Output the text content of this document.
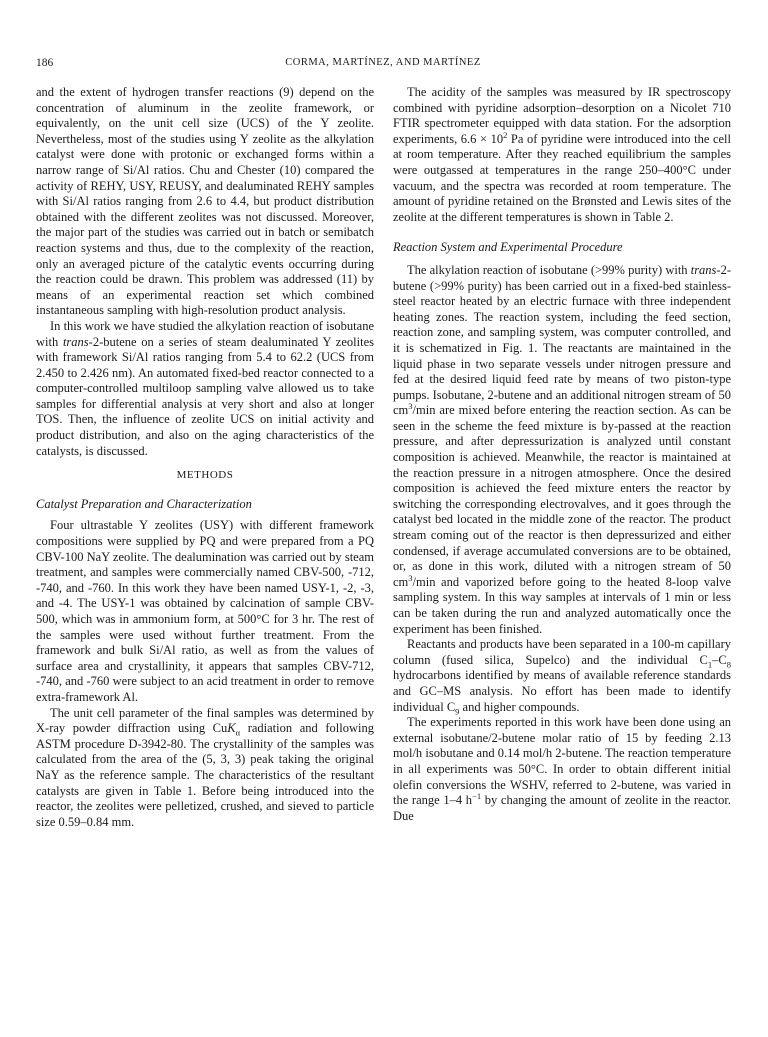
186	CORMA, MARTÍNEZ, AND MARTÍNEZ

and the extent of hydrogen transfer reactions (9) depend on the concentration of aluminum in the zeolite framework, or equivalently, on the unit cell size (UCS) of the Y zeolite. Nevertheless, most of the studies using Y zeolite as the alkylation catalyst were done with protonic or exchanged forms within a narrow range of Si/Al ratios. Chu and Chester (10) compared the activity of REHY, USY, REUSY, and dealuminated REHY samples with Si/Al ratios ranging from 2.6 to 4.4, but product distribution obtained with the different zeolites was not discussed. Moreover, the major part of the studies was carried out in batch or semibatch reaction systems and thus, due to the complexity of the reaction, only an averaged picture of the catalytic events occurring during the reaction could be drawn. This problem was addressed (11) by means of an experimental reaction set which combined instantaneous sampling with high-resolution product analysis.

In this work we have studied the alkylation reaction of isobutane with trans-2-butene on a series of steam dealuminated Y zeolites with framework Si/Al ratios ranging from 5.4 to 62.2 (UCS from 2.450 to 2.426 nm). An automated fixed-bed reactor connected to a computer-controlled multiloop sampling valve allowed us to take samples for differential analysis at very short and also at longer TOS. Then, the influence of zeolite UCS on initial activity and product distribution, and also on the aging characteristics of the catalysts, is discussed.

METHODS
Catalyst Preparation and Characterization

Four ultrastable Y zeolites (USY) with different framework compositions were supplied by PQ and were prepared from a PQ CBV-100 NaY zeolite. The dealumination was carried out by steam treatment, and samples were commercially named CBV-500, -712, -740, and -760. In this work they have been named USY-1, -2, -3, and -4. The USY-1 was obtained by calcination of sample CBV-500, which was in ammonium form, at 500°C for 3 hr. The rest of the samples were used without further treatment. From the framework and bulk Si/Al ratio, as well as from the values of surface area and crystallinity, it appears that samples CBV-712, -740, and -760 were subject to an acid treatment in order to remove extra-framework Al.

The unit cell parameter of the final samples was determined by X-ray powder diffraction using CuK$_\alpha$ radiation and following ASTM procedure D-3942-80. The crystallinity of the samples was calculated from the area of the (5, 3, 3) peak taking the original NaY as the reference sample. The characteristics of the resultant catalysts are given in Table 1. Before being introduced into the reactor, the zeolites were pelletized, crushed, and sieved to particle size 0.59–0.84 mm.

The acidity of the samples was measured by IR spectroscopy combined with pyridine adsorption–desorption on a Nicolet 710 FTIR spectrometer equipped with data station. For the adsorption experiments, $6.6 \times 10^2$ Pa of pyridine were introduced into the cell at room temperature. After they reached equilibrium the samples were outgassed at temperatures in the range 250–400°C under vacuum, and the spectra was recorded at room temperature. The amount of pyridine retained on the Brønsted and Lewis sites of the zeolite at the different temperatures is shown in Table 2.

Reaction System and Experimental Procedure

The alkylation reaction of isobutane (>99% purity) with trans-2-butene (>99% purity) has been carried out in a fixed-bed stainless-steel reactor heated by an electric furnace with three independent heating zones. The reaction system, including the feed section, reaction zone, and sampling system, was computer controlled, and it is schematized in Fig. 1. The reactants are maintained in the liquid phase in two separate vessels under nitrogen pressure and fed at the desired liquid feed rate by means of two piston-type pumps. Isobutane, 2-butene and an additional nitrogen stream of 50 $cm^3/\min$ are mixed before entering the reaction section. As can be seen in the scheme the feed mixture is by-passed at the reaction pressure, and after depressurization is analyzed until constant composition is achieved. Meanwhile, the reactor is maintained at the reaction pressure in a nitrogen atmosphere. Once the desired composition is achieved the feed mixture enters the reactor by switching the corresponding electrovalves, and it goes through the catalyst bed located in the middle zone of the reactor. The product stream coming out of the reactor is then depressurized and either condensed, if average accumulated conversions are to be obtained, or, as done in this work, diluted with a nitrogen stream of 50 $cm^3/\min$ and vaporized before going to the heated 8-loop valve sampling system. In this way samples at intervals of 1 min or less can be taken during the run and analyzed automatically once the experiment has been finished.

Reactants and products have been separated in a 100-m capillary column (fused silica, Supelco) and the individual $C_1-C_8$ hydrocarbons identified by means of available reference standards and GC–MS analysis. No effort has been made to identify individual $C_9$ and higher compounds.

The experiments reported in this work have been done using an external isobutane/2-butene molar ratio of 15 by feeding 2.13 mol/h isobutane and 0.14 mol/h 2-butene. The reaction temperature in all experiments was 50°C. In order to obtain different initial olefin conversions the WSHV, referred to 2-butene, was varied in the range 1–4 $h^{-1}$ by changing the amount of zeolite in the reactor. Due
